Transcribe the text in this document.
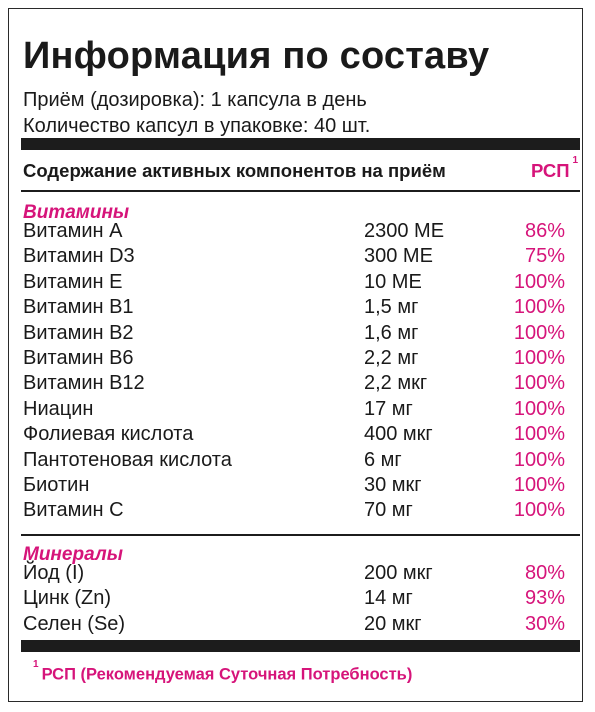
Информация по составу
Приём (дозировка): 1 капсула в день
Количество капсул в упаковке: 40 шт.
Содержание активных компонентов на приём	РСП $^1$
Витамины
Витамин А	2300 МЕ	86%
Витамин D3	300 МЕ	75%
Витамин Е	10 МЕ	100%
Витамин В1	1,5 мг	100%
Витамин В2	1,6 мг	100%
Витамин В6	2,2 мг	100%
Витамин В12	2,2 мкг	100%
Ниацин	17 мг	100%
Фолиевая кислота	400 мкг	100%
Пантотеновая кислота	6 мг	100%
Биотин	30 мкг	100%
Витамин С	70 мг	100%
Минералы
Йод (I)	200 мкг	80%
Цинк (Zn)	14 мг	93%
Селен (Se)	20 мкг	30%
$^1$РСП (Рекомендуемая Суточная Потребность)
